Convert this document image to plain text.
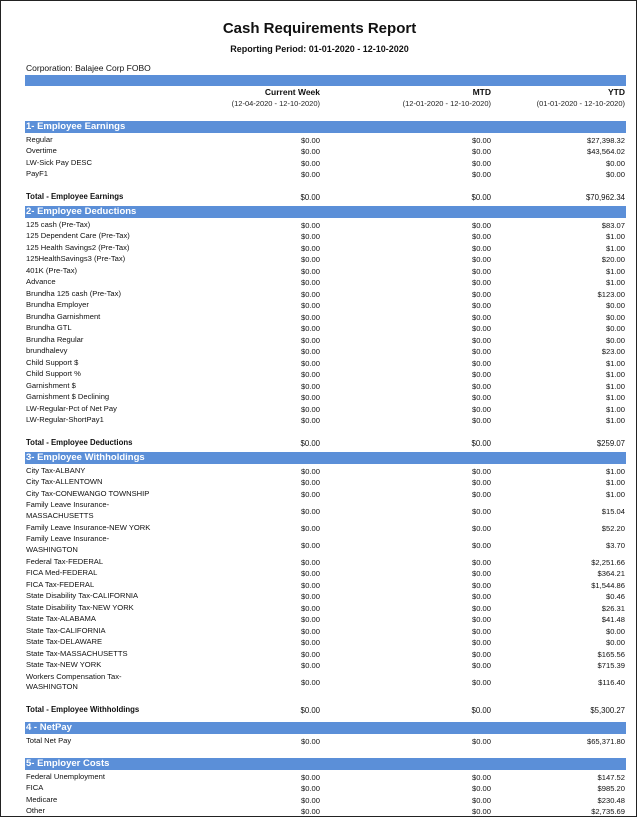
Cash Requirements Report
Reporting Period: 01-01-2020 - 12-10-2020
Corporation: Balajee Corp FOBO
Current Week
(12-04-2020 - 12-10-2020)
MTD
(12-01-2020 - 12-10-2020)
YTD
(01-01-2020 - 12-10-2020)
1- Employee Earnings
Regular	$0.00	$0.00	$27,398.32
Overtime	$0.00	$0.00	$43,564.02
LW-Sick Pay DESC	$0.00	$0.00	$0.00
PayF1	$0.00	$0.00	$0.00
Total - Employee Earnings	$0.00	$0.00	$70,962.34
2- Employee Deductions
125 cash (Pre-Tax)	$0.00	$0.00	$83.07
125 Dependent Care (Pre-Tax)	$0.00	$0.00	$1.00
125 Health Savings2 (Pre-Tax)	$0.00	$0.00	$1.00
125HealthSavings3 (Pre-Tax)	$0.00	$0.00	$20.00
401K (Pre-Tax)	$0.00	$0.00	$1.00
Advance	$0.00	$0.00	$1.00
Brundha 125 cash (Pre-Tax)	$0.00	$0.00	$123.00
Brundha Employer	$0.00	$0.00	$0.00
Brundha Garnishment	$0.00	$0.00	$0.00
Brundha GTL	$0.00	$0.00	$0.00
Brundha Regular	$0.00	$0.00	$0.00
brundhalevy	$0.00	$0.00	$23.00
Child Support $	$0.00	$0.00	$1.00
Child Support %	$0.00	$0.00	$1.00
Garnishment $	$0.00	$0.00	$1.00
Garnishment $ Declining	$0.00	$0.00	$1.00
LW-Regular-Pct of Net Pay	$0.00	$0.00	$1.00
LW-Regular-ShortPay1	$0.00	$0.00	$1.00
Total - Employee Deductions	$0.00	$0.00	$259.07
3- Employee Withholdings
City Tax-ALBANY	$0.00	$0.00	$1.00
City Tax-ALLENTOWN	$0.00	$0.00	$1.00
City Tax-CONEWANGO TOWNSHIP	$0.00	$0.00	$1.00
Family Leave Insurance-
MASSACHUSETTS	$0.00	$0.00	$15.04
Family Leave Insurance-NEW YORK	$0.00	$0.00	$52.20
Family Leave Insurance-
WASHINGTON	$0.00	$0.00	$3.70
Federal Tax-FEDERAL	$0.00	$0.00	$2,251.66
FICA Med-FEDERAL	$0.00	$0.00	$364.21
FICA Tax-FEDERAL	$0.00	$0.00	$1,544.86
State Disability Tax-CALIFORNIA	$0.00	$0.00	$0.46
State Disability Tax-NEW YORK	$0.00	$0.00	$26.31
State Tax-ALABAMA	$0.00	$0.00	$41.48
State Tax-CALIFORNIA	$0.00	$0.00	$0.00
State Tax-DELAWARE	$0.00	$0.00	$0.00
State Tax-MASSACHUSETTS	$0.00	$0.00	$165.56
State Tax-NEW YORK	$0.00	$0.00	$715.39
Workers Compensation Tax-
WASHINGTON	$0.00	$0.00	$116.40
Total - Employee Withholdings	$0.00	$0.00	$5,300.27
4 - NetPay
Total Net Pay	$0.00	$0.00	$65,371.80
5- Employer Costs
Federal Unemployment	$0.00	$0.00	$147.52
FICA	$0.00	$0.00	$985.20
Medicare	$0.00	$0.00	$230.48
Other	$0.00	$0.00	$2,735.69
